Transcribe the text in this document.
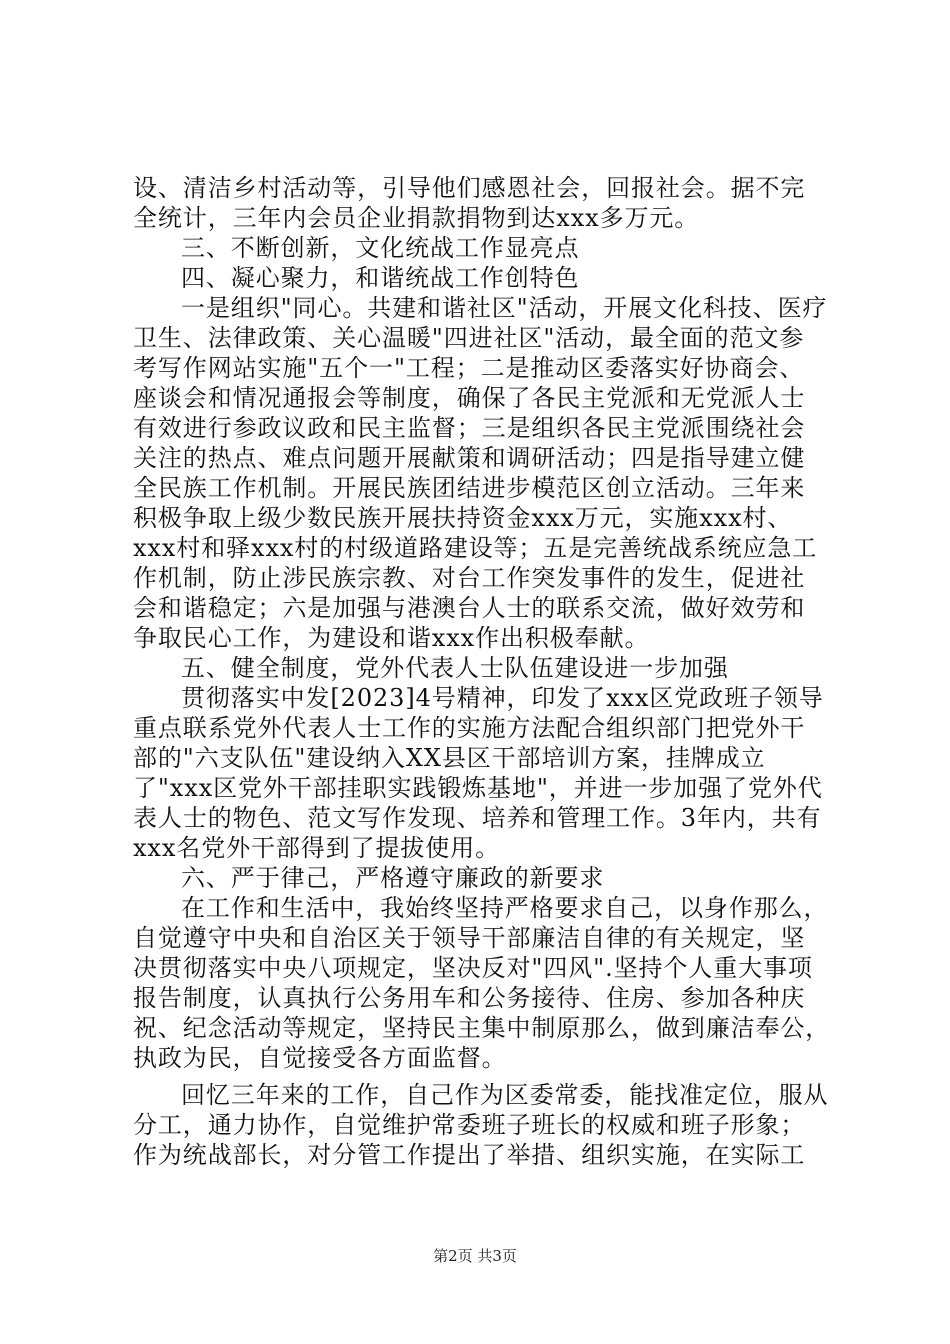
设、清洁乡村活动等，引导他们感恩社会，回报社会。据不完
全统计，三年内会员企业捐款捐物到达xxx多万元。
三、不断创新，文化统战工作显亮点
四、凝心聚力，和谐统战工作创特色
一是组织"同心。共建和谐社区"活动，开展文化科技、医疗
卫生、法律政策、关心温暖"四进社区"活动，最全面的范文参
考写作网站实施"五个一"工程；二是推动区委落实好协商会、
座谈会和情况通报会等制度，确保了各民主党派和无党派人士
有效进行参政议政和民主监督；三是组织各民主党派围绕社会
关注的热点、难点问题开展献策和调研活动；四是指导建立健
全民族工作机制。开展民族团结进步模范区创立活动。三年来
积极争取上级少数民族开展扶持资金xxx万元，实施xxx村、
xxx村和驿xxx村的村级道路建设等；五是完善统战系统应急工
作机制，防止涉民族宗教、对台工作突发事件的发生，促进社
会和谐稳定；六是加强与港澳台人士的联系交流，做好效劳和
争取民心工作，为建设和谐xxx作出积极奉献。
五、健全制度，党外代表人士队伍建设进一步加强
贯彻落实中发[2023]4号精神，印发了xxx区党政班子领导
重点联系党外代表人士工作的实施方法配合组织部门把党外干
部的"六支队伍"建设纳入XX县区干部培训方案，挂牌成立
了"xxx区党外干部挂职实践锻炼基地"，并进一步加强了党外代
表人士的物色、范文写作发现、培养和管理工作。3年内，共有
xxx名党外干部得到了提拔使用。
六、严于律己，严格遵守廉政的新要求
在工作和生活中，我始终坚持严格要求自己，以身作那么，
自觉遵守中央和自治区关于领导干部廉洁自律的有关规定，坚
决贯彻落实中央八项规定，坚决反对"四风".坚持个人重大事项
报告制度，认真执行公务用车和公务接待、住房、参加各种庆
祝、纪念活动等规定，坚持民主集中制原那么，做到廉洁奉公，
执政为民，自觉接受各方面监督。
回忆三年来的工作，自己作为区委常委，能找准定位，服从
分工，通力协作，自觉维护常委班子班长的权威和班子形象；
作为统战部长，对分管工作提出了举措、组织实施，在实际工
第2页 共3页
